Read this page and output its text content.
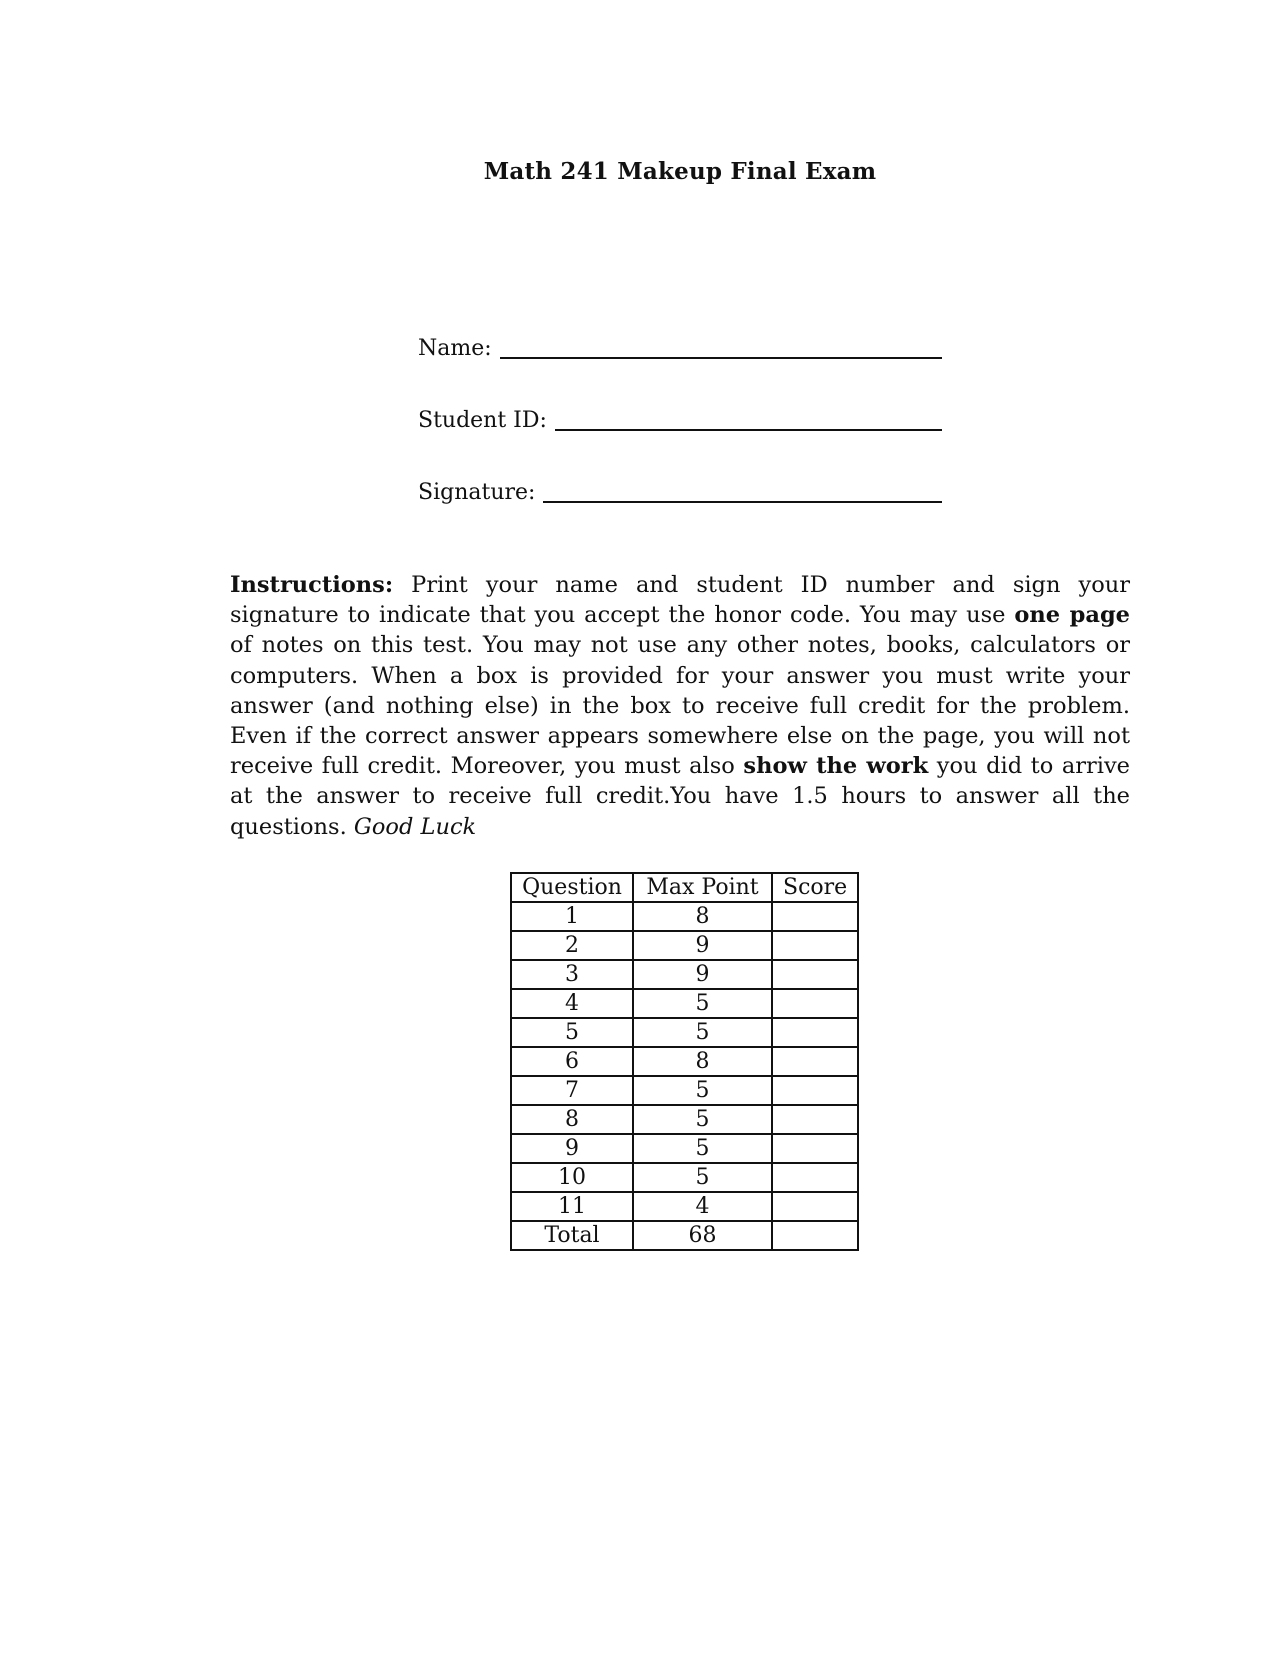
Math 241 Makeup Final Exam
Name:
Student ID:
Signature:
Instructions: Print your name and student ID number and sign your signature to indicate that you accept the honor code. You may use one page of notes on this test. You may not use any other notes, books, calculators or computers. When a box is provided for your answer you must write your answer (and nothing else) in the box to receive full credit for the problem. Even if the correct answer appears somewhere else on the page, you will not receive full credit. Moreover, you must also show the work you did to arrive at the answer to receive full credit.You have 1.5 hours to answer all the questions. Good Luck
Question	Max Point	Score
1	8	
2	9	
3	9	
4	5	
5	5	
6	8	
7	5	
8	5	
9	5	
10	5	
11	4	
Total	68	
